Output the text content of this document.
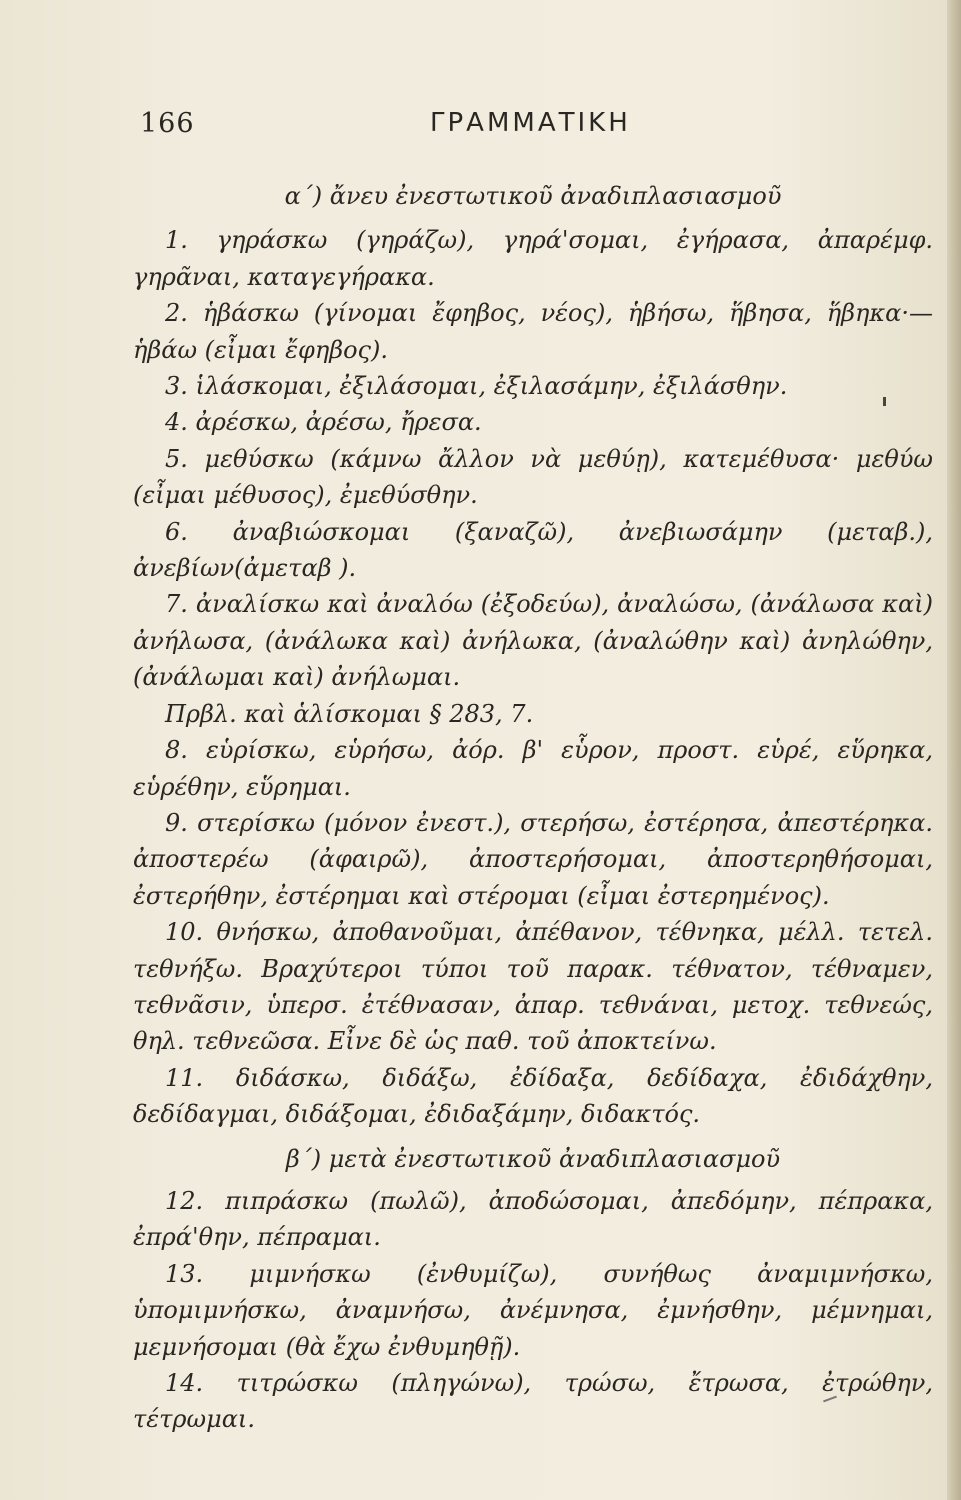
166	ΓΡΑΜΜΑΤΙΚΗ

α΄) ἄνευ ἐνεστωτικοῦ ἀναδιπλασιασμοῦ

1. γηράσκω (γηράζω), γηρά'σομαι, ἐγήρασα, ἀπαρέμφ. γηρᾶναι, καταγεγήρακα.

2. ἡβάσκω (γίνομαι ἔφηβος, νέος), ἡβήσω, ἥβησα, ἥβηκα·—ἡβάω (εἶμαι ἔφηβος).

3. ἱλάσκομαι, ἐξιλάσομαι, ἐξιλασάμην, ἐξιλάσθην.

4. ἀρέσκω, ἀρέσω, ἤρεσα.

5. μεθύσκω (κάμνω ἄλλον νὰ μεθύῃ), κατεμέθυσα· μεθύω (εἶμαι μέθυσος), ἐμεθύσθην.

6. ἀναβιώσκομαι (ξαναζῶ), ἀνεβιωσάμην (μεταβ.), ἀνεβίων(ἀμεταβ ).

7. ἀναλίσκω καὶ ἀναλόω (ἐξοδεύω), ἀναλώσω, (ἀνάλωσα καὶ) ἀνήλωσα, (ἀνάλωκα καὶ) ἀνήλωκα, (ἀναλώθην καὶ) ἀνηλώθην, (ἀνάλωμαι καὶ) ἀνήλωμαι.

Πρβλ. καὶ ἁλίσκομαι § 283, 7.

8. εὑρίσκω, εὑρήσω, ἀόρ. β' εὗρον, προστ. εὑρέ, εὕρηκα, εὑρέθην, εὕρημαι.

9. στερίσκω (μόνον ἐνεστ.), στερήσω, ἐστέρησα, ἀπεστέρηκα. ἀποστερέω (ἀφαιρῶ), ἀποστερήσομαι, ἀποστερηθήσομαι, ἐστερήθην, ἐστέρημαι καὶ στέρομαι (εἶμαι ἐστερημένος).

10. θνήσκω, ἀποθανοῦμαι, ἀπέθανον, τέθνηκα, μέλλ. τετελ. τεθνήξω. Βραχύτεροι τύποι τοῦ παρακ. τέθνατον, τέθναμεν, τεθνᾶσιν, ὑπερσ. ἐτέθνασαν, ἀπαρ. τεθνάναι, μετοχ. τεθνεώς, θηλ. τεθνεῶσα. Εἶνε δὲ ὡς παθ. τοῦ ἀποκτείνω.

11. διδάσκω, διδάξω, ἐδίδαξα, δεδίδαχα, ἐδιδάχθην, δεδίδαγμαι, διδάξομαι, ἐδιδαξάμην, διδακτός.

β΄) μετὰ ἐνεστωτικοῦ ἀναδιπλασιασμοῦ

12. πιπράσκω (πωλῶ), ἀποδώσομαι, ἀπεδόμην, πέπρακα, ἐπρά'θην, πέπραμαι.

13. μιμνήσκω (ἐνθυμίζω), συνήθως ἀναμιμνήσκω, ὑπομιμνήσκω, ἀναμνήσω, ἀνέμνησα, ἐμνήσθην, μέμνημαι, μεμνήσομαι (θὰ ἔχω ἐνθυμηθῇ).

14. τιτρώσκω (πληγώνω), τρώσω, ἔτρωσα, ἐτρώθην, τέτρωμαι.
